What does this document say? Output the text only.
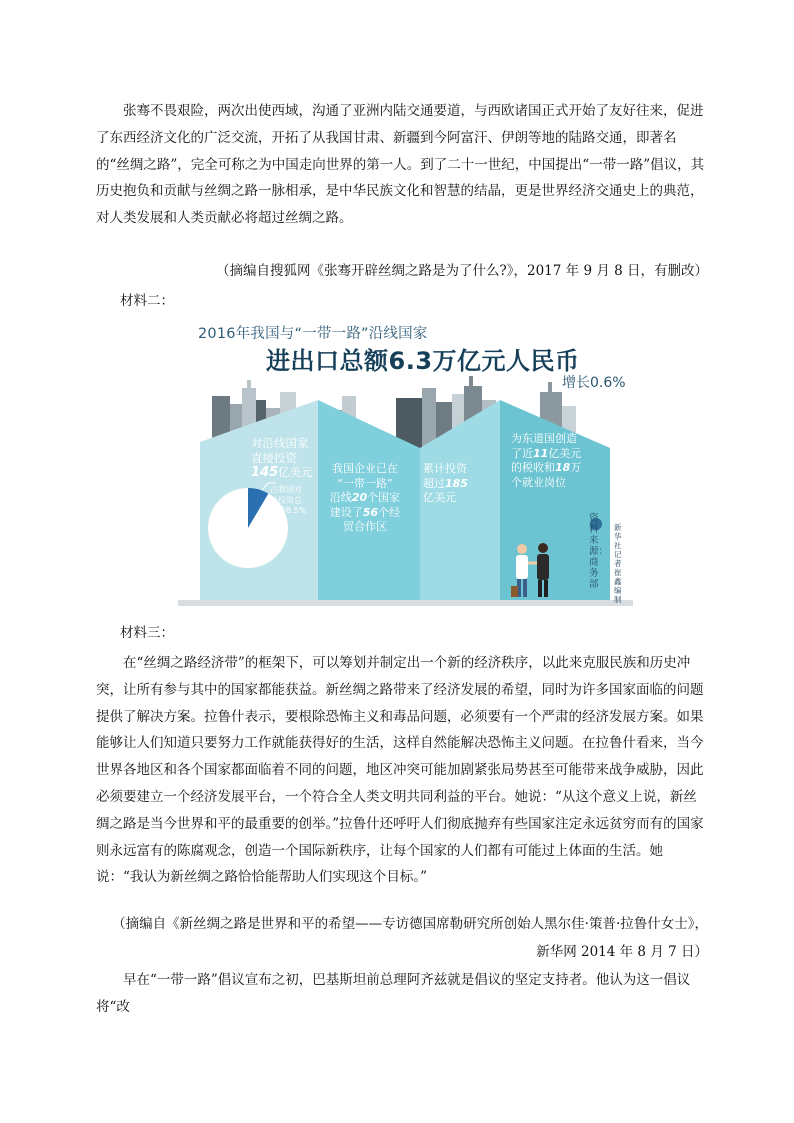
张骞不畏艰险，两次出使西域，沟通了亚洲内陆交通要道，与西欧诸国正式开始了友好往来，促进了东西经济文化的广泛交流，开拓了从我国甘肃、新疆到今阿富汗、伊朗等地的陆路交通，即著名的“丝绸之路”，完全可称之为中国走向世界的第一人。到了二十一世纪，中国提出“一带一路”倡议，其历史抱负和贡献与丝绸之路一脉相承，是中华民族文化和智慧的结晶，更是世界经济交通史上的典范，对人类发展和人类贡献必将超过丝绸之路。

（摘编自搜狐网《张骞开辟丝绸之路是为了什么?》，2017 年 9 月 8 日，有删改）
材料二：
2016年我国与“一带一路”沿线国家
进出口总额6.3万亿元人民币
增长0.6%
对沿线国家
直接投资
145亿美元
占我国对
外投资总
额的8.5%
我国企业已在
“一带一路”
沿线20个国家
建设了56个经
贸合作区
累计投资
超过185
亿美元
为东道国创造
了近11亿美元
的税收和18万
个就业岗位
资料来源：商务部
新华社记者崔鑫编制
材料三：

在“丝绸之路经济带”的框架下，可以筹划并制定出一个新的经济秩序，以此来克服民族和历史冲突，让所有参与其中的国家都能获益。新丝绸之路带来了经济发展的希望，同时为许多国家面临的问题提供了解决方案。拉鲁什表示，要根除恐怖主义和毒品问题，必须要有一个严肃的经济发展方案。如果能够让人们知道只要努力工作就能获得好的生活，这样自然能解决恐怖主义问题。在拉鲁什看来，当今世界各地区和各个国家都面临着不同的问题，地区冲突可能加剧紧张局势甚至可能带来战争威胁，因此必须要建立一个经济发展平台，一个符合全人类文明共同利益的平台。她说：“从这个意义上说，新丝绸之路是当今世界和平的最重要的创举。”拉鲁什还呼吁人们彻底抛弃有些国家注定永远贫穷而有的国家则永远富有的陈腐观念，创造一个国际新秩序，让每个国家的人们都有可能过上体面的生活。她说：“我认为新丝绸之路恰恰能帮助人们实现这个目标。”

（摘编自《新丝绸之路是世界和平的希望——专访德国席勒研究所创始人黑尔佳·策普·拉鲁什女士》，
新华网 2014 年 8 月 7 日）

早在“一带一路”倡议宣布之初，巴基斯坦前总理阿齐兹就是倡议的坚定支持者。他认为这一倡议将“改
